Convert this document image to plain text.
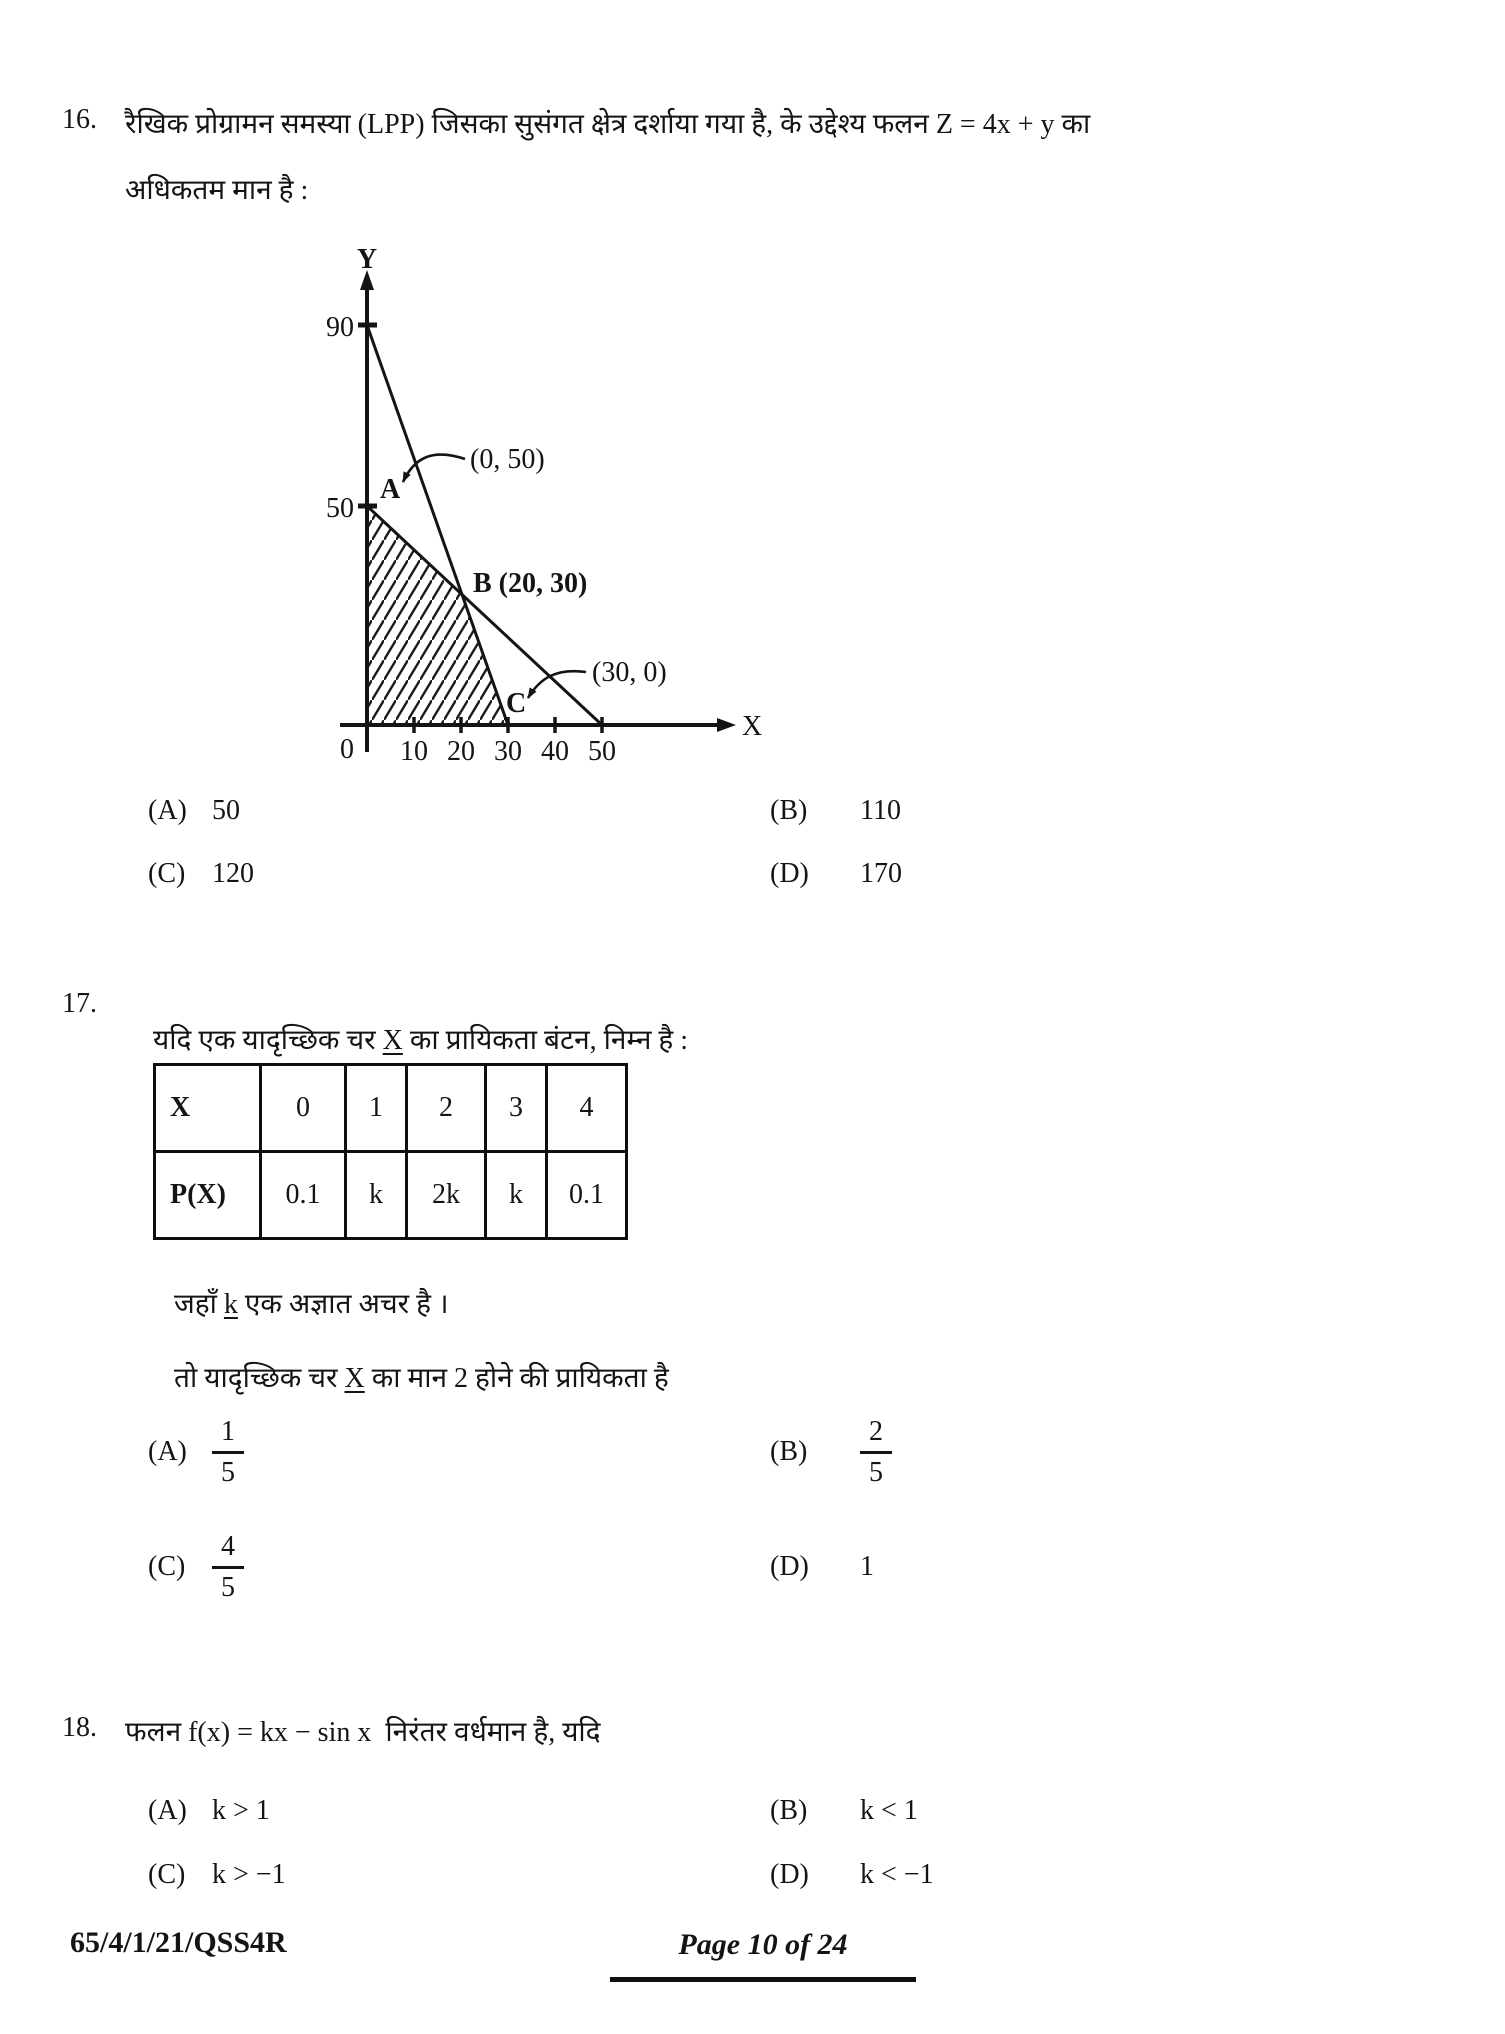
16. रैखिक प्रोग्रामन समस्या (LPP) जिसका सुसंगत क्षेत्र दर्शाया गया है, के उद्देश्य फलन Z = 4x + y का
अधिकतम मान है :
Y
X
90
50
0 10 20 30 40 50
A
B (20, 30)
C
(0, 50)
(30, 0)
(A) 50	(B)	110
(C) 120	(D)	170
17.

यदि एक यादृच्छिक चर X का प्रायिकता बंटन, निम्न है :

X	0	1	2	3	4
P(X)	0.1	k	2k	k	0.1

जहाँ k एक अज्ञात अचर है ।

तो यादृच्छिक चर X का मान 2 होने की प्रायिकता है

$(A) \frac{1}{5}$	(B)	$\frac{2}{5}$
$(C) \frac{4}{5}$	(D)	1
18. फलन f(x) = kx − sin x  निरंतर वर्धमान है, यदि
(A) k > 1	(B)	k < 1
(C) k > −1	(D)	k < −1
65/4/1/21/QSS4R	Page 10 of 24
